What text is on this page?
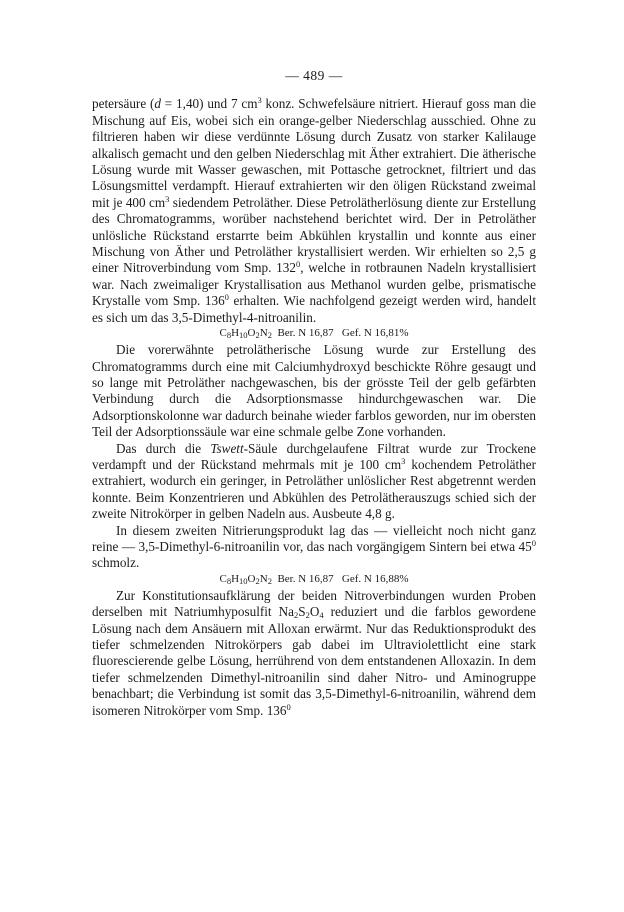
— 489 —

petersäure (d = 1,40) und 7 $cm^3$ konz. Schwefelsäure nitriert. Hierauf goss man die Mischung auf Eis, wobei sich ein orange-gelber Niederschlag ausschied. Ohne zu filtrieren haben wir diese verdünnte Lösung durch Zusatz von starker Kalilauge alkalisch gemacht und den gelben Niederschlag mit Äther extrahiert. Die ätherische Lösung wurde mit Wasser gewaschen, mit Pottasche getrocknet, filtriert und das Lösungsmittel verdampft. Hierauf extrahierten wir den öligen Rückstand zweimal mit je 400 $cm^3$ siedendem Petroläther. Diese Petrolätherlösung diente zur Erstellung des Chromatogramms, worüber nachstehend berichtet wird. Der in Petroläther unlösliche Rückstand erstarrte beim Abkühlen krystallin und konnte aus einer Mischung von Äther und Petroläther krystallisiert werden. Wir erhielten so 2,5 g einer Nitroverbindung vom Smp. $132^0$, welche in rotbraunen Nadeln krystallisiert war. Nach zweimaliger Krystallisation aus Methanol wurden gelbe, prismatische Krystalle vom Smp. $136^0$ erhalten. Wie nachfolgend gezeigt werden wird, handelt es sich um das 3,5-Dimethyl-4-nitroanilin.

$C_8H_{10}O_2N_2$  Ber. N 16,87   Gef. N 16,81%

Die vorerwähnte petrolätherische Lösung wurde zur Erstellung des Chromatogramms durch eine mit Calciumhydroxyd beschickte Röhre gesaugt und so lange mit Petroläther nachgewaschen, bis der grösste Teil der gelb gefärbten Verbindung durch die Adsorptionsmasse hindurchgewaschen war. Die Adsorptionskolonne war dadurch beinahe wieder farblos geworden, nur im obersten Teil der Adsorptionssäule war eine schmale gelbe Zone vorhanden.

Das durch die Tswett-Säule durchgelaufene Filtrat wurde zur Trockene verdampft und der Rückstand mehrmals mit je 100 $cm^3$ kochendem Petroläther extrahiert, wodurch ein geringer, in Petroläther unlöslicher Rest abgetrennt werden konnte. Beim Konzentrieren und Abkühlen des Petrolätherauszugs schied sich der zweite Nitrokörper in gelben Nadeln aus. Ausbeute 4,8 g.

In diesem zweiten Nitrierungsprodukt lag das — vielleicht noch nicht ganz reine — 3,5-Dimethyl-6-nitroanilin vor, das nach vorgängigem Sintern bei etwa $45^0$ schmolz.

$C_8H_{10}O_2N_2$  Ber. N 16,87   Gef. N 16,88%

Zur Konstitutionsaufklärung der beiden Nitroverbindungen wurden Proben derselben mit Natriumhyposulfit $Na_2S_2O_4$ reduziert und die farblos gewordene Lösung nach dem Ansäuern mit Alloxan erwärmt. Nur das Reduktionsprodukt des tiefer schmelzenden Nitrokörpers gab dabei im Ultraviolettlicht eine stark fluorescierende gelbe Lösung, herrührend von dem entstandenen Alloxazin. In dem tiefer schmelzenden Dimethyl-nitroanilin sind daher Nitro- und Aminogruppe benachbart; die Verbindung ist somit das 3,5-Dimethyl-6-nitroanilin, während dem isomeren Nitrokörper vom Smp. $136^0$
